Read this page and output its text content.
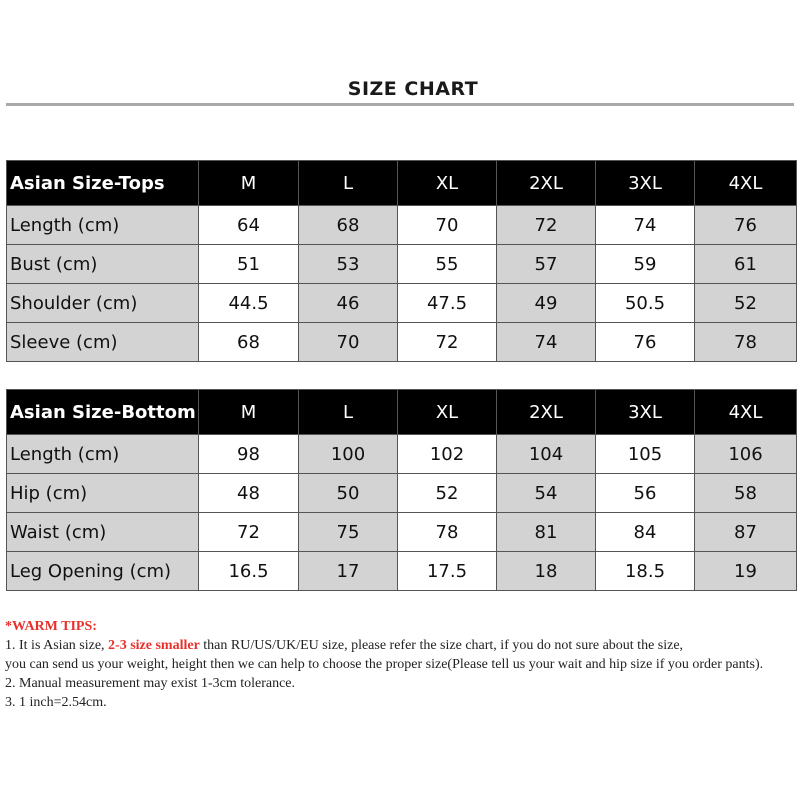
SIZE CHART
Asian Size-Tops	M	L	XL	2XL	3XL	4XL
Length (cm)	64	68	70	72	74	76
Bust (cm)	51	53	55	57	59	61
Shoulder (cm)	44.5	46	47.5	49	50.5	52
Sleeve (cm)	68	70	72	74	76	78
Asian Size-Bottom	M	L	XL	2XL	3XL	4XL
Length (cm)	98	100	102	104	105	106
Hip (cm)	48	50	52	54	56	58
Waist (cm)	72	75	78	81	84	87
Leg Opening (cm)	16.5	17	17.5	18	18.5	19

*WARM TIPS:

1. It is Asian size, 2-3 size smaller than RU/US/UK/EU size, please refer the size chart, if you do not sure about the size,

you can send us your weight, height then we can help to choose the proper size(Please tell us your wait and hip size if you order pants).

2. Manual measurement may exist 1-3cm tolerance.

3. 1 inch=2.54cm.
